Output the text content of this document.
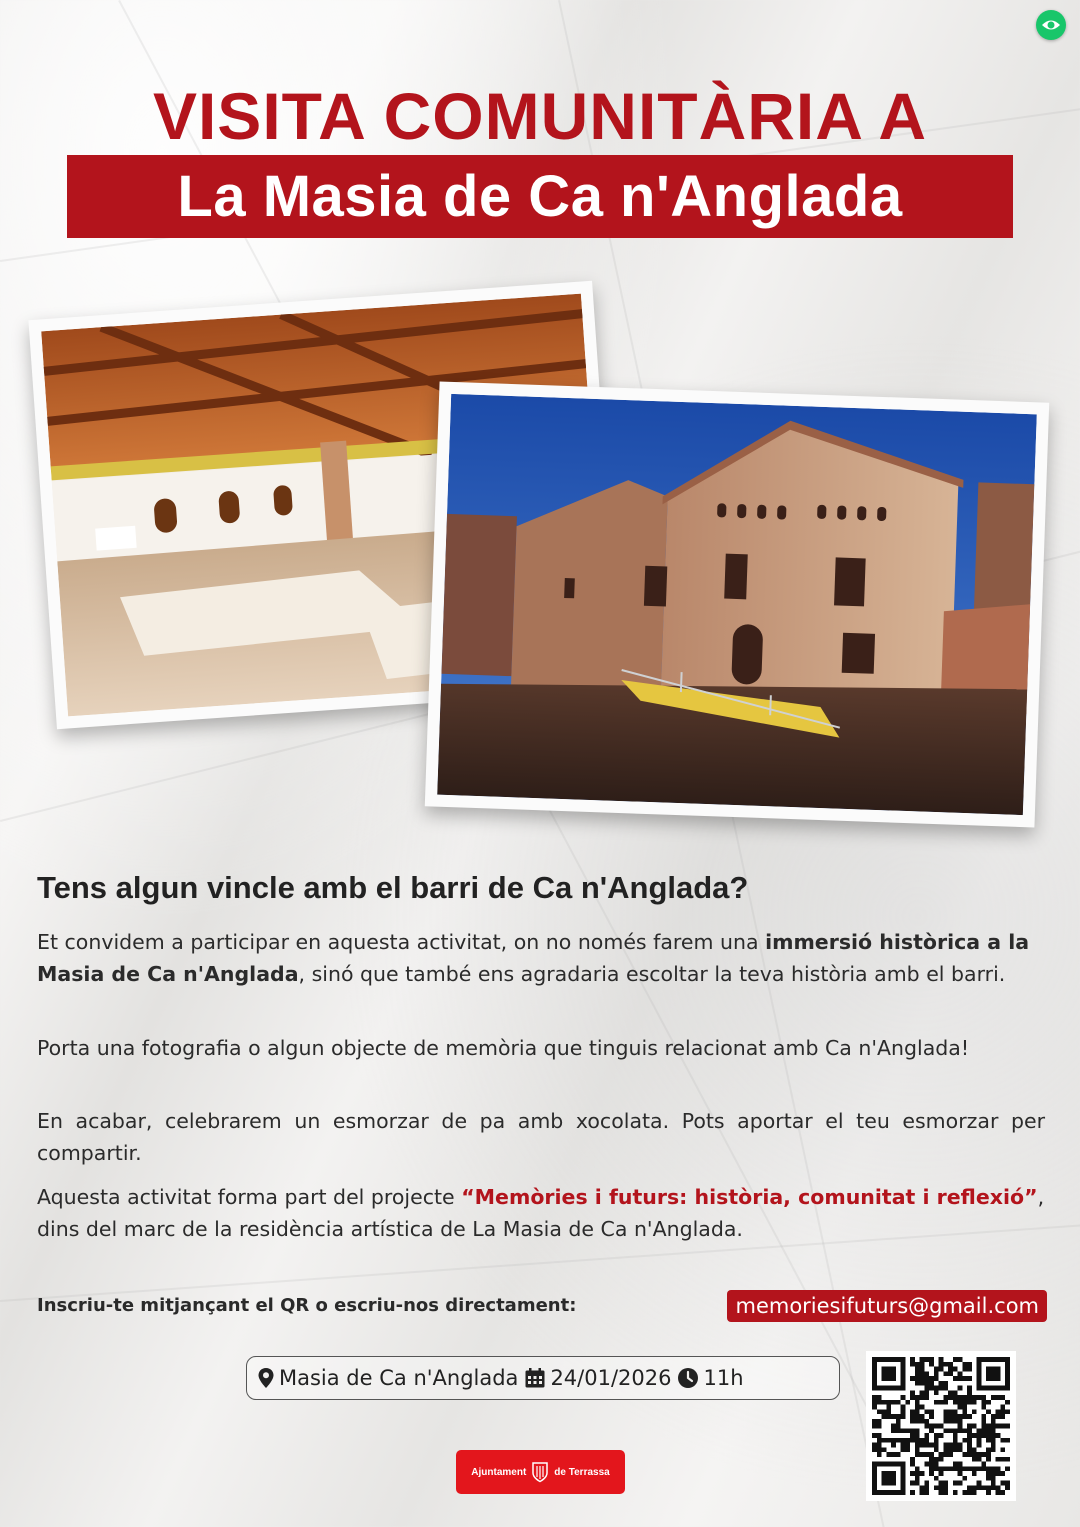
VISITA COMUNITÀRIA A
La Masia de Ca n'Anglada
Tens algun vincle amb el barri de Ca n'Anglada?

Et convidem a participar en aquesta activitat, on no només farem una immersió històrica a la Masia de Ca n'Anglada, sinó que també ens agradaria escoltar la teva història amb el barri.

Porta una fotografia o algun objecte de memòria que tinguis relacionat amb Ca n'Anglada!

En acabar, celebrarem un esmorzar de pa amb xocolata. Pots aportar el teu esmorzar per compartir.

Aquesta activitat forma part del projecte “Memòries i futurs: història, comunitat i reflexió”, dins del marc de la residència artística de La Masia de Ca n'Anglada.

Inscriu-te mitjançant el QR o escriu-nos directament:	memoriesifuturs@gmail.com
Masia de Ca n'Anglada 24/01/2026 11h
Ajuntament	de Terrassa
